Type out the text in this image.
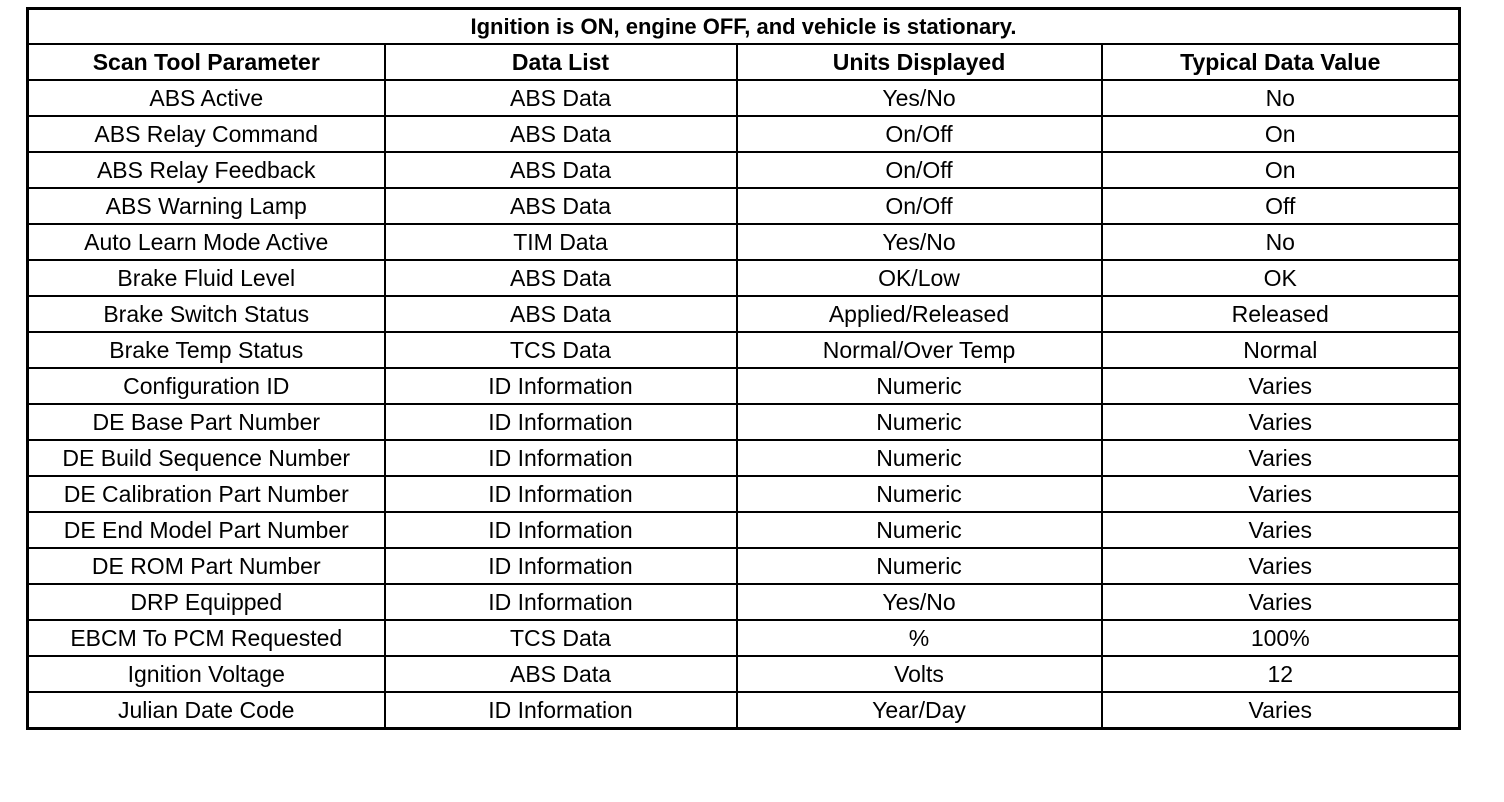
Ignition is ON, engine OFF, and vehicle is stationary.			
Scan Tool Parameter	Data List	Units Displayed	Typical Data Value
ABS Active	ABS Data	Yes/No	No
ABS Relay Command	ABS Data	On/Off	On
ABS Relay Feedback	ABS Data	On/Off	On
ABS Warning Lamp	ABS Data	On/Off	Off
Auto Learn Mode Active	TIM Data	Yes/No	No
Brake Fluid Level	ABS Data	OK/Low	OK
Brake Switch Status	ABS Data	Applied/Released	Released
Brake Temp Status	TCS Data	Normal/Over Temp	Normal
Configuration ID	ID Information	Numeric	Varies
DE Base Part Number	ID Information	Numeric	Varies
DE Build Sequence Number	ID Information	Numeric	Varies
DE Calibration Part Number	ID Information	Numeric	Varies
DE End Model Part Number	ID Information	Numeric	Varies
DE ROM Part Number	ID Information	Numeric	Varies
DRP Equipped	ID Information	Yes/No	Varies
EBCM To PCM Requested	TCS Data	%	100%
Ignition Voltage	ABS Data	Volts	12
Julian Date Code	ID Information	Year/Day	Varies
